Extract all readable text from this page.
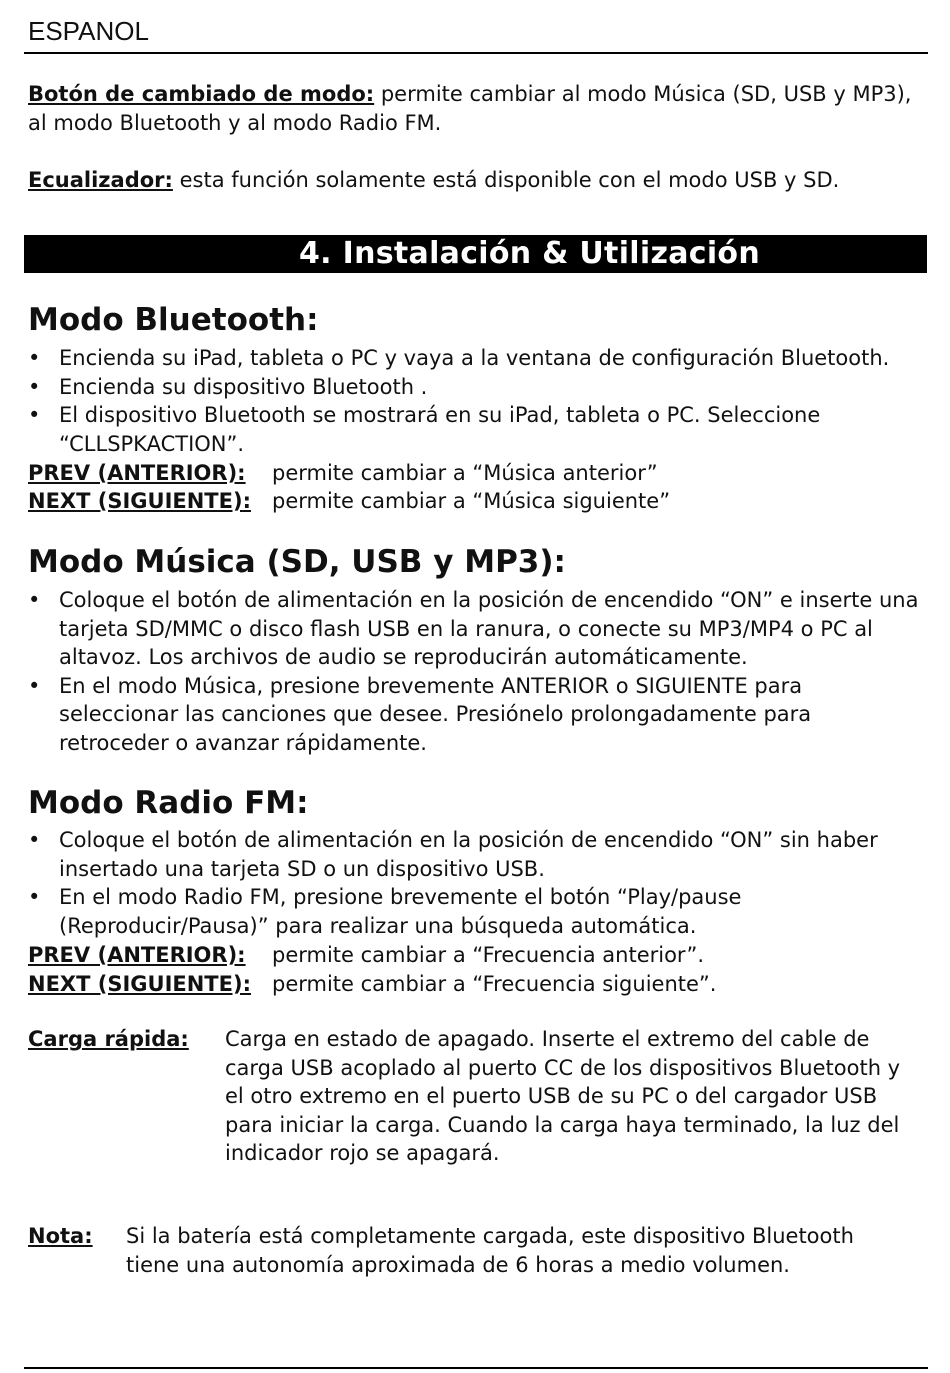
ESPANOL
Botón de cambiado de modo: permite cambiar al modo Música (SD, USB y MP3), al modo Bluetooth y al modo Radio FM.
Ecualizador: esta función solamente está disponible con el modo USB y SD.
4. Instalación & Utilización
Modo Bluetooth:
• Encienda su iPad, tableta o PC y vaya a la ventana de configuración Bluetooth.
• Encienda su dispositivo Bluetooth .
• El dispositivo Bluetooth se mostrará en su iPad, tableta o PC. Seleccione “CLLSPKACTION”.
PREV (ANTERIOR): permite cambiar a “Música anterior”
NEXT (SIGUIENTE): permite cambiar a “Música siguiente”
Modo Música (SD, USB y MP3):
• Coloque el botón de alimentación en la posición de encendido “ON” e inserte una tarjeta SD/MMC o disco flash USB en la ranura, o conecte su MP3/MP4 o PC al altavoz. Los archivos de audio se reproducirán automáticamente.
• En el modo Música, presione brevemente ANTERIOR o SIGUIENTE para seleccionar las canciones que desee. Presiónelo prolongadamente para retroceder o avanzar rápidamente.
Modo Radio FM:
• Coloque el botón de alimentación en la posición de encendido “ON” sin haber insertado una tarjeta SD o un dispositivo USB.
• En el modo Radio FM, presione brevemente el botón “Play/pause (Reproducir/Pausa)” para realizar una búsqueda automática.
PREV (ANTERIOR): permite cambiar a “Frecuencia anterior”.
NEXT (SIGUIENTE): permite cambiar a “Frecuencia siguiente”.
Carga rápida: Carga en estado de apagado. Inserte el extremo del cable de carga USB acoplado al puerto CC de los dispositivos Bluetooth y el otro extremo en el puerto USB de su PC o del cargador USB para iniciar la carga. Cuando la carga haya terminado, la luz del indicador rojo se apagará.
Nota: Si la batería está completamente cargada, este dispositivo Bluetooth tiene una autonomía aproximada de 6 horas a medio volumen.
